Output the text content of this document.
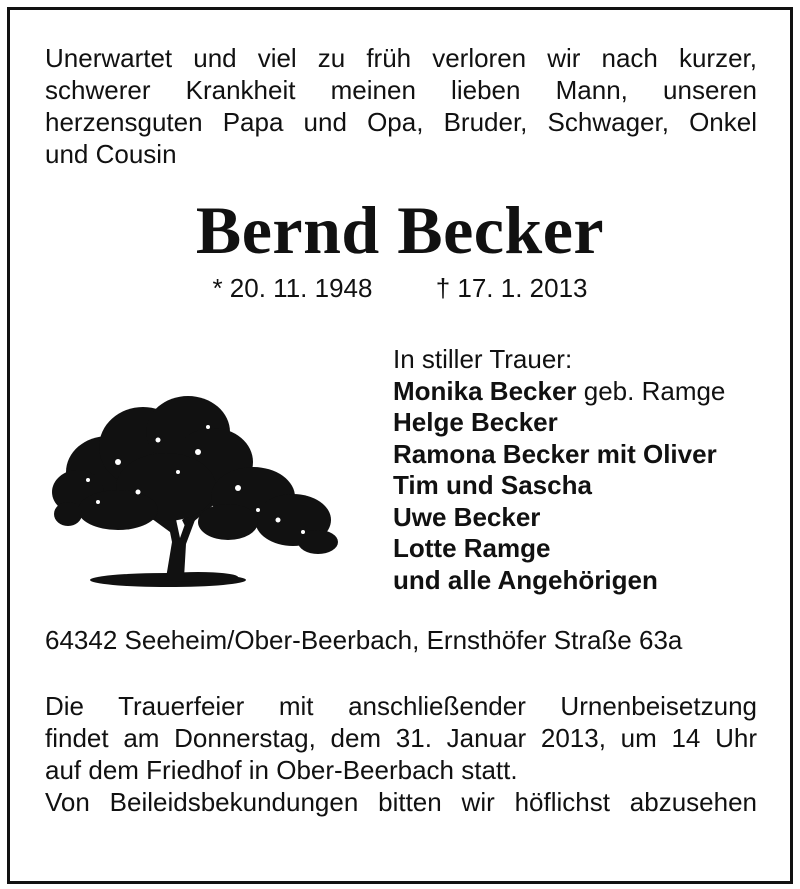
Unerwartet und viel zu früh verloren wir nach kurzer,
schwerer Krankheit meinen lieben Mann, unseren
herzensguten Papa und Opa, Bruder, Schwager, Onkel
und Cousin
Bernd Becker
* 20. 11. 1948 † 17. 1. 2013
In stiller Trauer:
Monika Becker geb. Ramge
Helge Becker
Ramona Becker mit Oliver
Tim und Sascha
Uwe Becker
Lotte Ramge
und alle Angehörigen
64342 Seeheim/Ober-Beerbach, Ernsthöfer Straße 63a
Die Trauerfeier mit anschließender Urnenbeisetzung
findet am Donnerstag, dem 31. Januar 2013, um 14 Uhr
auf dem Friedhof in Ober-Beerbach statt.
Von Beileidsbekundungen bitten wir höflichst abzusehen
